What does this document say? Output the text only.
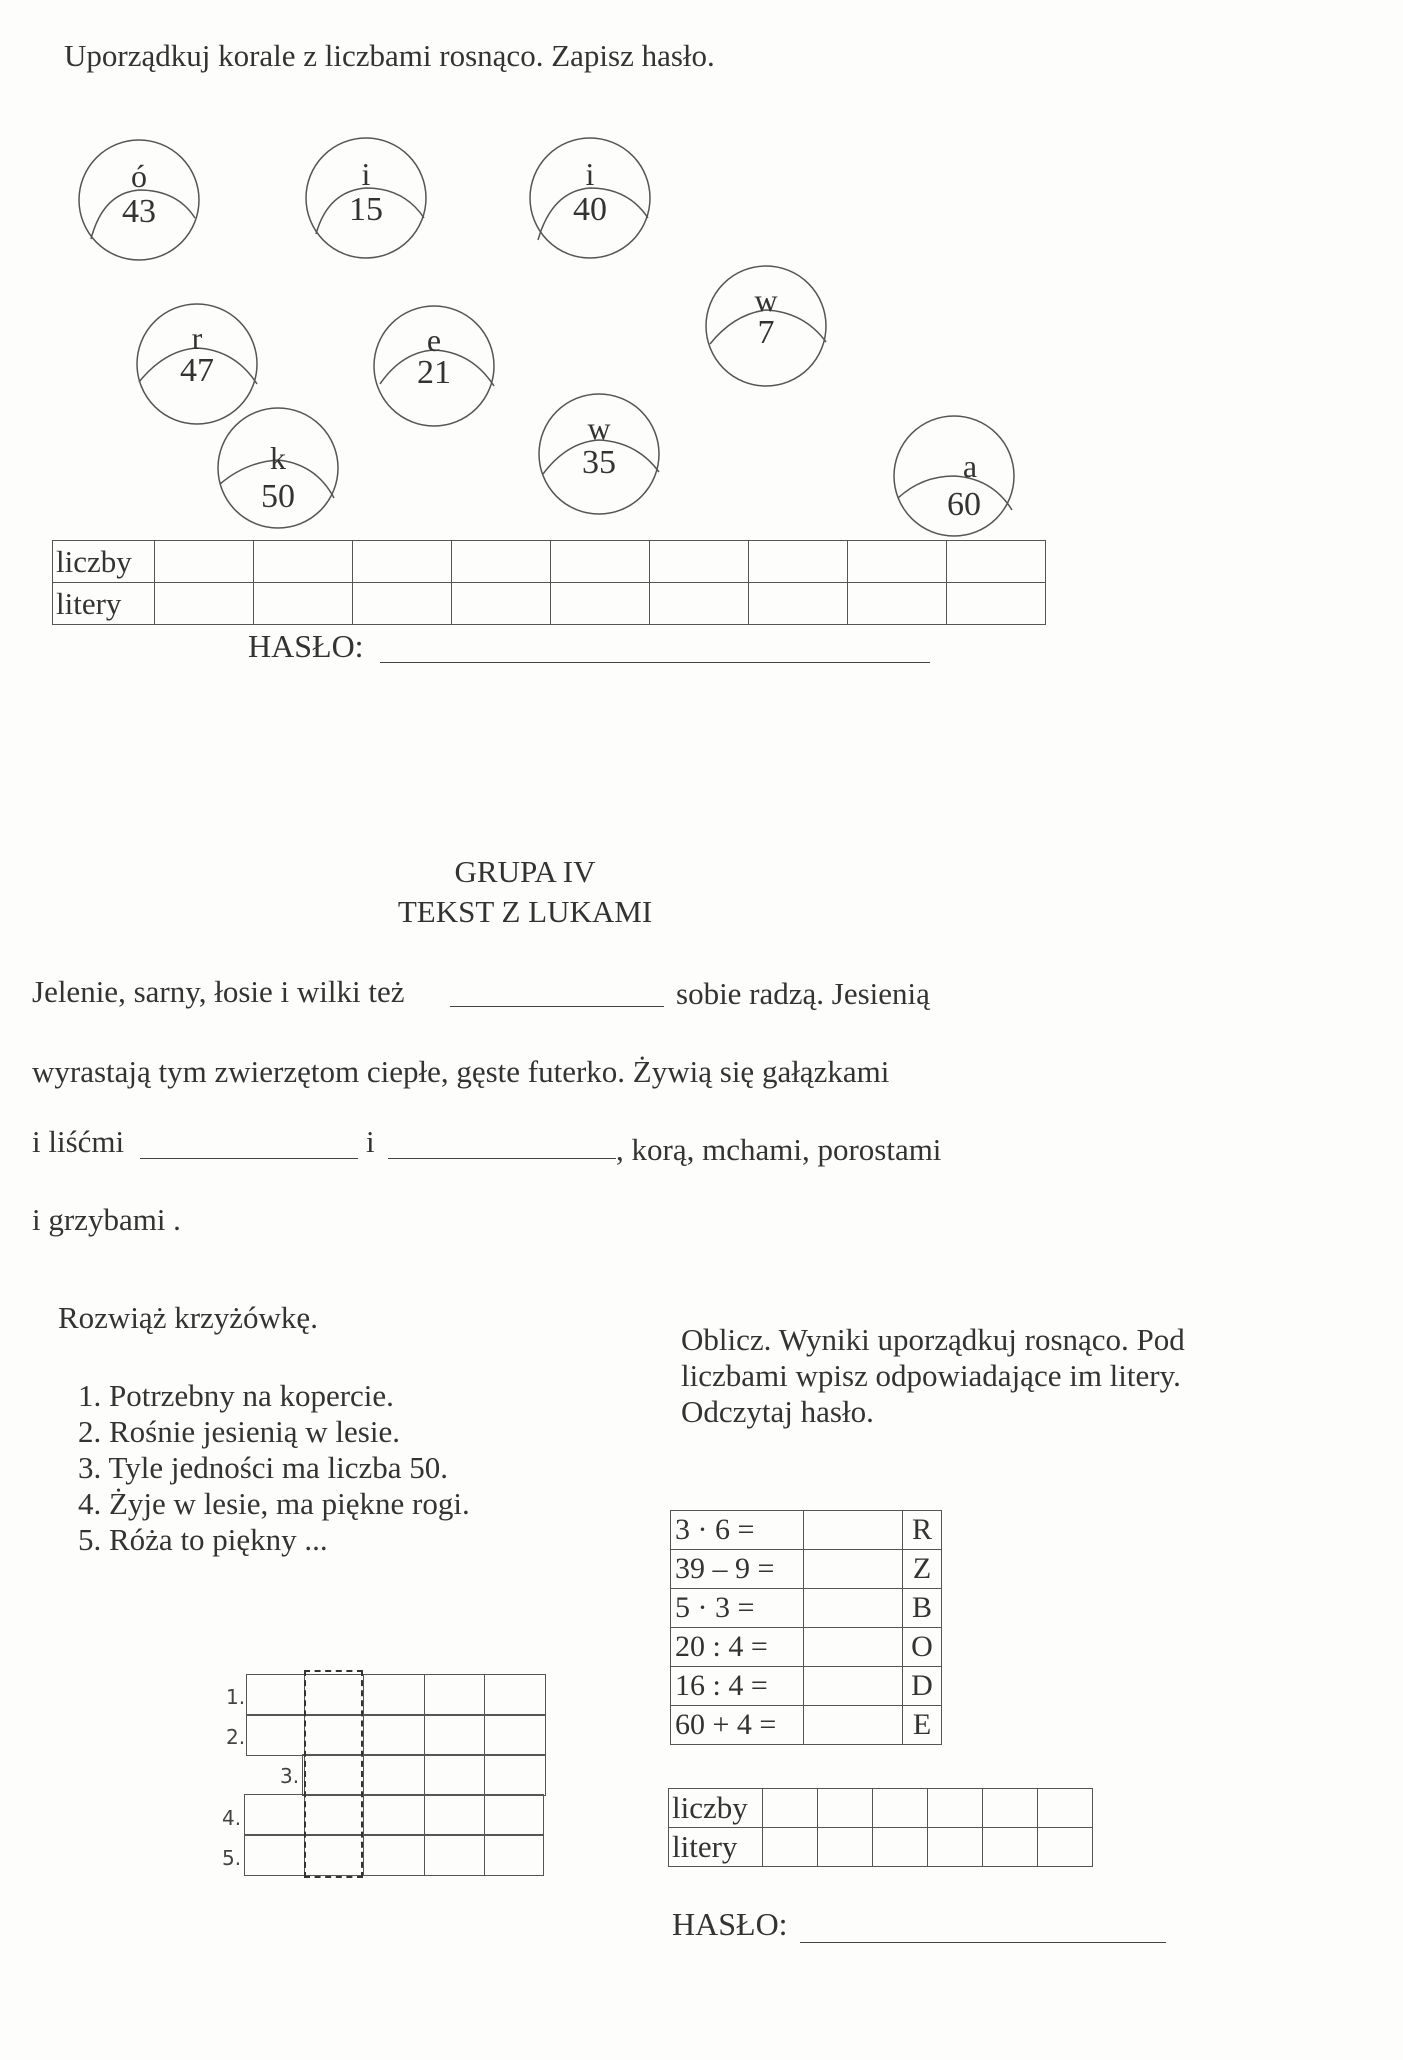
Uporządkuj korale z liczbami rosnąco. Zapisz hasło.
ó
43
i
15
i
40
w
7
r
47
e
21
w
35
k
50
a
60
liczby									
litery									
HASŁO:
GRUPA IV
TEKST Z LUKAMI
Jelenie, sarny, łosie i wilki też	sobie radzą. Jesienią
wyrastają tym zwierzętom ciepłe, gęste futerko. Żywią się gałązkami
i liśćmi	i	, korą, mchami, porostami
i grzybami .
Rozwiąż krzyżówkę.
1. Potrzebny na kopercie.
2. Rośnie jesienią w lesie.
3. Tyle jedności ma liczba 50.
4. Żyje w lesie, ma piękne rogi.
5. Róża to piękny ...
1.
2.
3.
4.
5.
Oblicz. Wyniki uporządkuj rosnąco. Pod
liczbami wpisz odpowiadające im litery.
Odczytaj hasło.
3 · 6 =		R
39 – 9 =		Z
5 · 3 =		B
20 : 4 =		O
16 : 4 =		D
60 + 4 =		E
liczby						
litery						
HASŁO:
